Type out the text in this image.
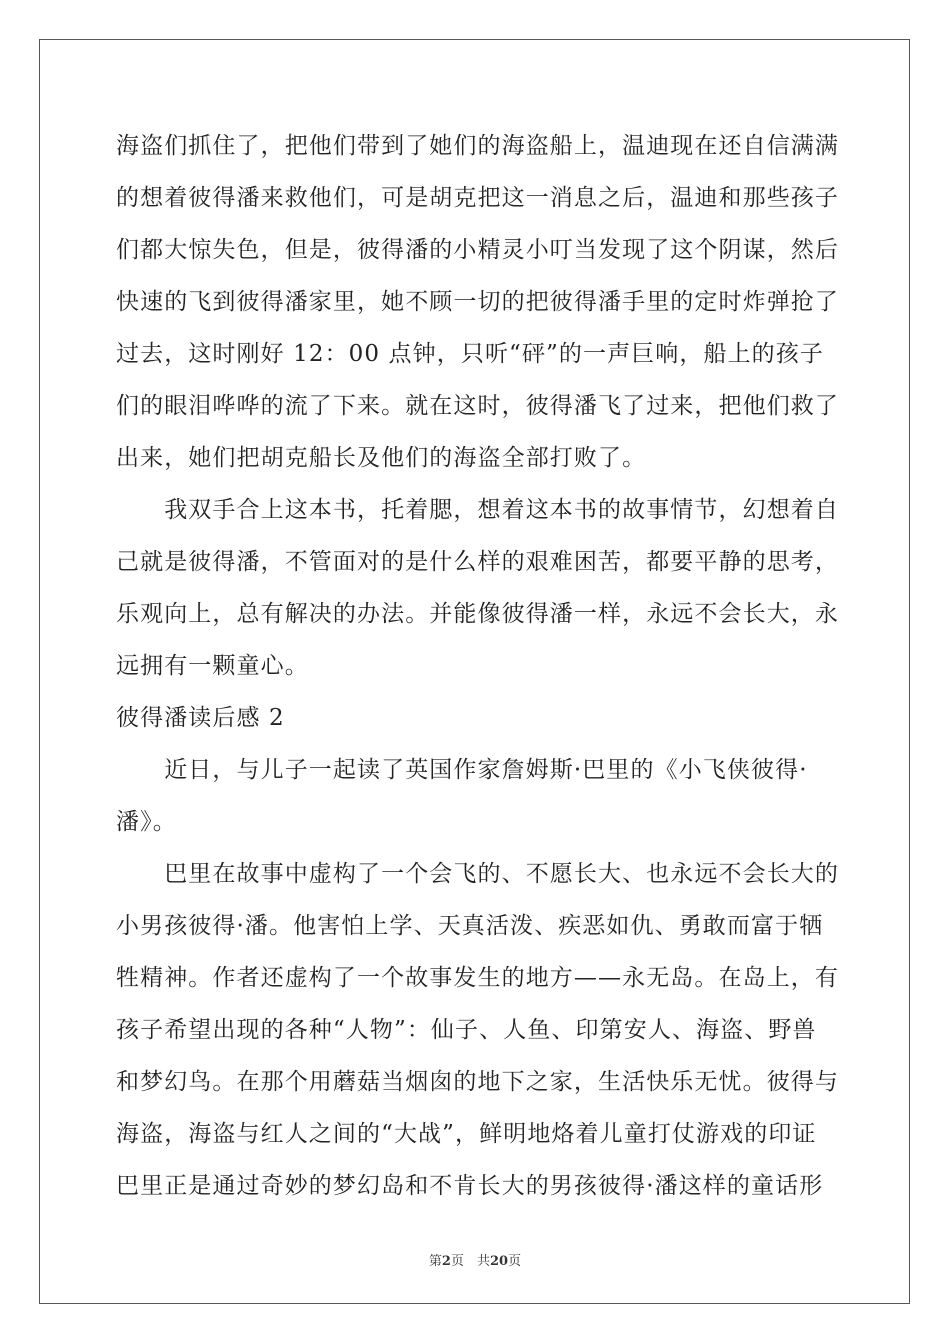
海盗们抓住了，把他们带到了她们的海盗船上，温迪现在还自信满满
的想着彼得潘来救他们，可是胡克把这一消息之后，温迪和那些孩子
们都大惊失色，但是，彼得潘的小精灵小叮当发现了这个阴谋，然后
快速的飞到彼得潘家里，她不顾一切的把彼得潘手里的定时炸弹抢了
过去，这时刚好 12：00 点钟，只听“砰”的一声巨响，船上的孩子
们的眼泪哗哗的流了下来。就在这时，彼得潘飞了过来，把他们救了
出来，她们把胡克船长及他们的海盗全部打败了。
　　我双手合上这本书，托着腮，想着这本书的故事情节，幻想着自
己就是彼得潘，不管面对的是什么样的艰难困苦，都要平静的思考，
乐观向上，总有解决的办法。并能像彼得潘一样，永远不会长大，永
远拥有一颗童心。
彼得潘读后感 2
　　近日，与儿子一起读了英国作家詹姆斯·巴里的《小飞侠彼得·
潘》。
　　巴里在故事中虚构了一个会飞的、不愿长大、也永远不会长大的
小男孩彼得·潘。他害怕上学、天真活泼、疾恶如仇、勇敢而富于牺
牲精神。作者还虚构了一个故事发生的地方——永无岛。在岛上，有
孩子希望出现的各种“人物”：仙子、人鱼、印第安人、海盗、野兽
和梦幻鸟。在那个用蘑菇当烟囱的地下之家，生活快乐无忧。彼得与
海盗，海盗与红人之间的“大战”，鲜明地烙着儿童打仗游戏的印证
巴里正是通过奇妙的梦幻岛和不肯长大的男孩彼得·潘这样的童话形
第2页　共20页
